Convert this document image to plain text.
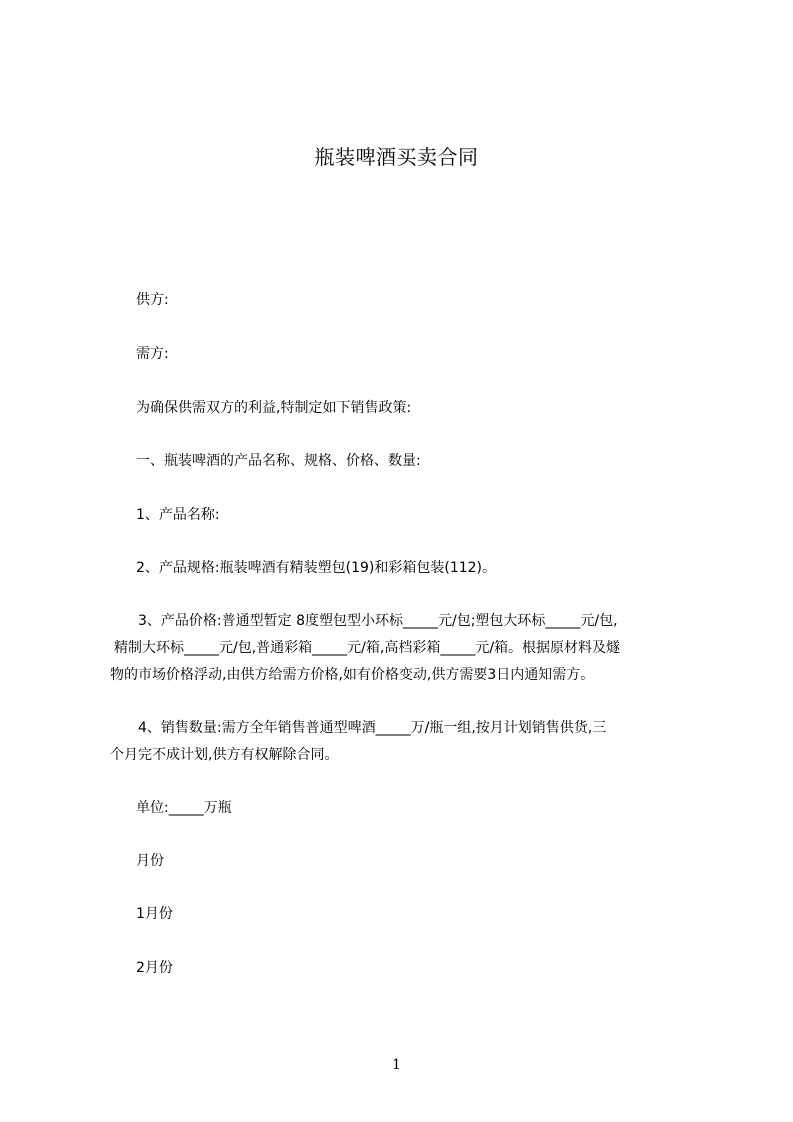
瓶装啤酒买卖合同
供方:
需方:
为确保供需双方的利益,特制定如下销售政策:
一、瓶装啤酒的产品名称、规格、价格、数量:
1、产品名称:
2、产品规格:瓶装啤酒有精装塑包(19)和彩箱包装(112)。
3、产品价格:普通型暂定 8度塑包型小环标_____元/包;塑包大环标_____元/包,
精制大环标_____元/包,普通彩箱_____元/箱,高档彩箱_____元/箱。根据原材料及燧
物的市场价格浮动,由供方给需方价格,如有价格变动,供方需要3日内通知需方。
4、销售数量:需方全年销售普通型啤酒_____万/瓶一组,按月计划销售供货,三
个月完不成计划,供方有权解除合同。
单位:_____万瓶
月份
1月份
2月份
1
